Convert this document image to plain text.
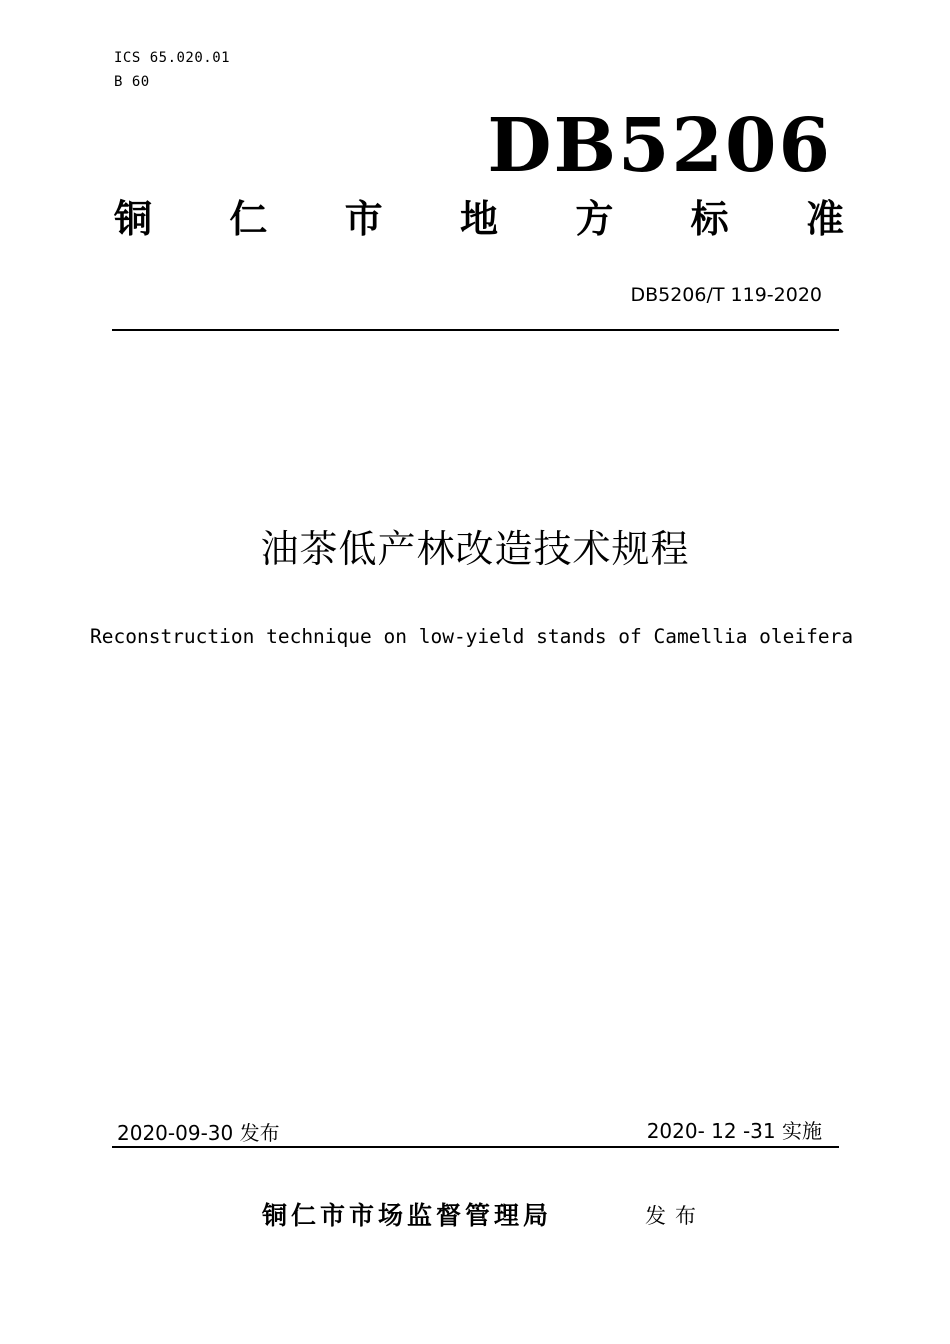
ICS 65.020.01
B 60
DB5206
铜 仁 市 地 方 标 准
DB5206/T 119-2020
油茶低产林改造技术规程
Reconstruction technique on low-yield stands of Camellia oleifera
2020-09-30 发布	2020- 12 -31 实施
铜仁市市场监督管理局	发布
